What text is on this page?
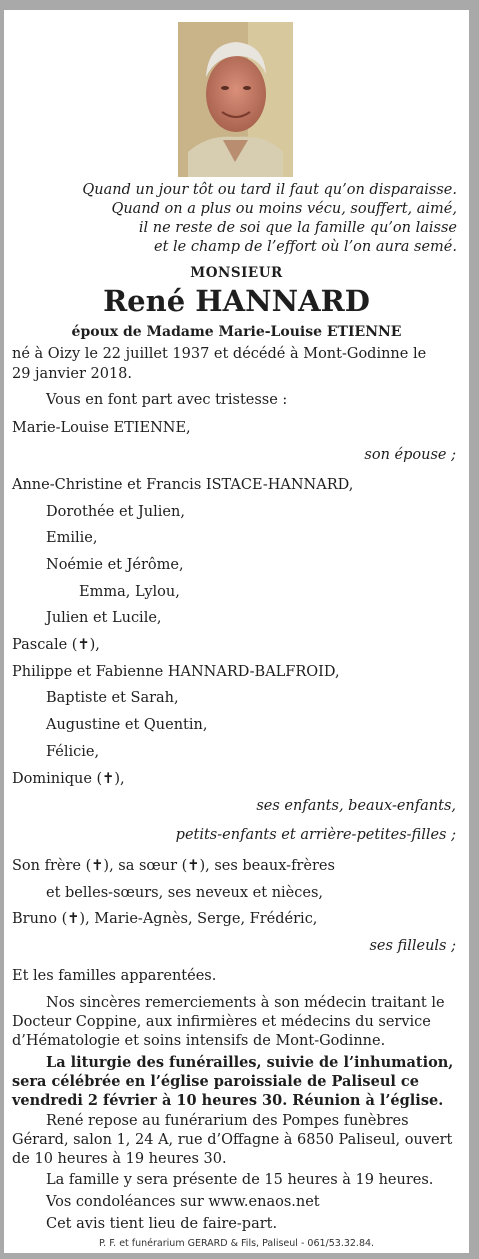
Quand un jour tôt ou tard il faut qu’on disparaisse.
Quand on a plus ou moins vécu, souffert, aimé,
il ne reste de soi que la famille qu’on laisse
et le champ de l’effort où l’on aura semé.
MONSIEUR
René HANNARD
époux de Madame Marie-Louise ETIENNE
né à Oizy le 22 juillet 1937 et décédé à Mont-Godinne le
29 janvier 2018.
Vous en font part avec tristesse :
Marie-Louise ETIENNE,
son épouse ;
Anne-Christine et Francis ISTACE-HANNARD,
Dorothée et Julien,
Emilie,
Noémie et Jérôme,
Emma, Lylou,
Julien et Lucile,
Pascale (✝),
Philippe et Fabienne HANNARD-BALFROID,
Baptiste et Sarah,
Augustine et Quentin,
Félicie,
Dominique (✝),
ses enfants, beaux-enfants,
petits-enfants et arrière-petites-filles ;
Son frère (✝), sa sœur (✝), ses beaux-frères
et belles-sœurs, ses neveux et nièces,
Bruno (✝), Marie-Agnès, Serge, Frédéric,
ses filleuls ;
Et les familles apparentées.
Nos sincères remerciements à son médecin traitant le Docteur Coppine, aux infirmières et médecins du service d’Hématologie et soins intensifs de Mont-Godinne.
La liturgie des funérailles, suivie de l’inhumation, sera célébrée en l’église paroissiale de Paliseul ce vendredi 2 février à 10 heures 30. Réunion à l’église.
René repose au funérarium des Pompes funèbres Gérard, salon 1, 24 A, rue d’Offagne à 6850 Paliseul, ouvert de 10 heures à 19 heures 30.
La famille y sera présente de 15 heures à 19 heures.
Vos condoléances sur www.enaos.net
Cet avis tient lieu de faire-part.
P. F. et funérarium GERARD & Fils, Paliseul - 061/53.32.84.
